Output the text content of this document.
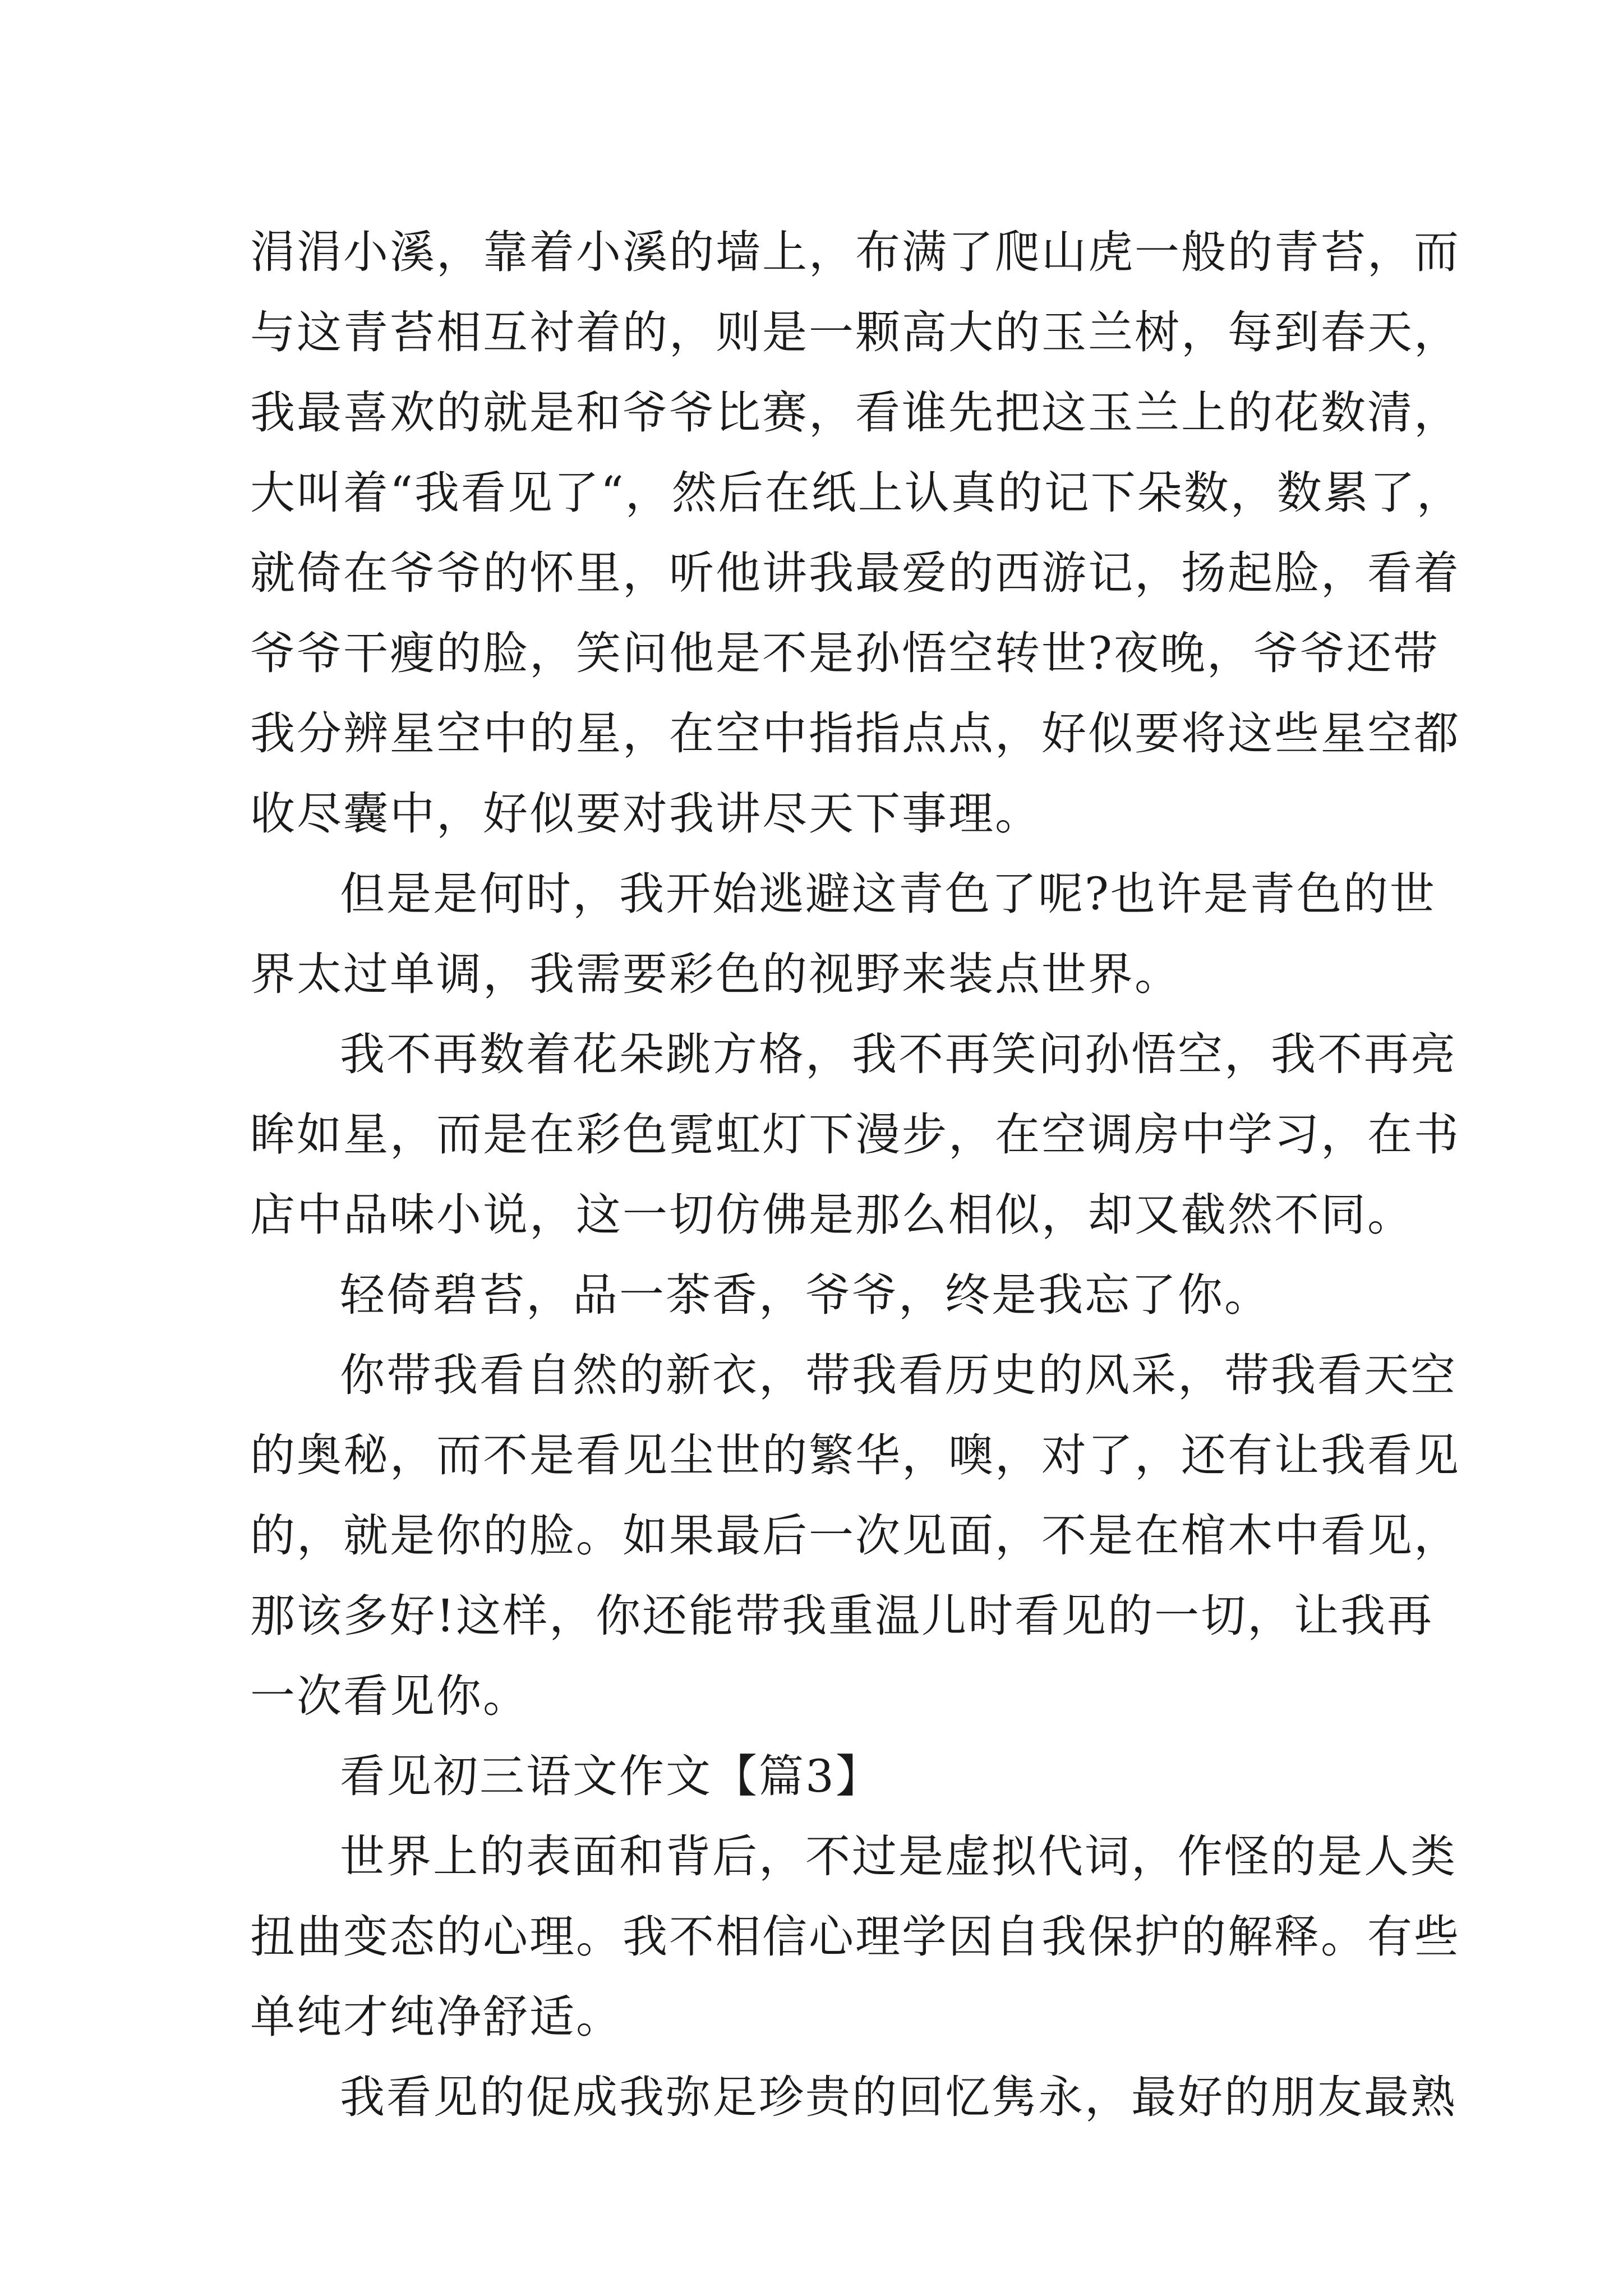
涓涓小溪，靠着小溪的墙上，布满了爬山虎一般的青苔，而
与这青苔相互衬着的，则是一颗高大的玉兰树，每到春天，
我最喜欢的就是和爷爷比赛，看谁先把这玉兰上的花数清，
大叫着“我看见了“，然后在纸上认真的记下朵数，数累了，
就倚在爷爷的怀里，听他讲我最爱的西游记，扬起脸，看着
爷爷干瘦的脸，笑问他是不是孙悟空转世?夜晚，爷爷还带
我分辨星空中的星，在空中指指点点，好似要将这些星空都
收尽囊中，好似要对我讲尽天下事理。
但是是何时，我开始逃避这青色了呢?也许是青色的世
界太过单调，我需要彩色的视野来装点世界。
我不再数着花朵跳方格，我不再笑问孙悟空，我不再亮
眸如星，而是在彩色霓虹灯下漫步，在空调房中学习，在书
店中品味小说，这一切仿佛是那么相似，却又截然不同。
轻倚碧苔，品一茶香，爷爷，终是我忘了你。
你带我看自然的新衣，带我看历史的风采，带我看天空
的奥秘，而不是看见尘世的繁华，噢，对了，还有让我看见
的，就是你的脸。如果最后一次见面，不是在棺木中看见，
那该多好!这样，你还能带我重温儿时看见的一切，让我再
一次看见你。
看见初三语文作文【篇3】
世界上的表面和背后，不过是虚拟代词，作怪的是人类
扭曲变态的心理。我不相信心理学因自我保护的解释。有些
单纯才纯净舒适。
我看见的促成我弥足珍贵的回忆隽永，最好的朋友最熟
